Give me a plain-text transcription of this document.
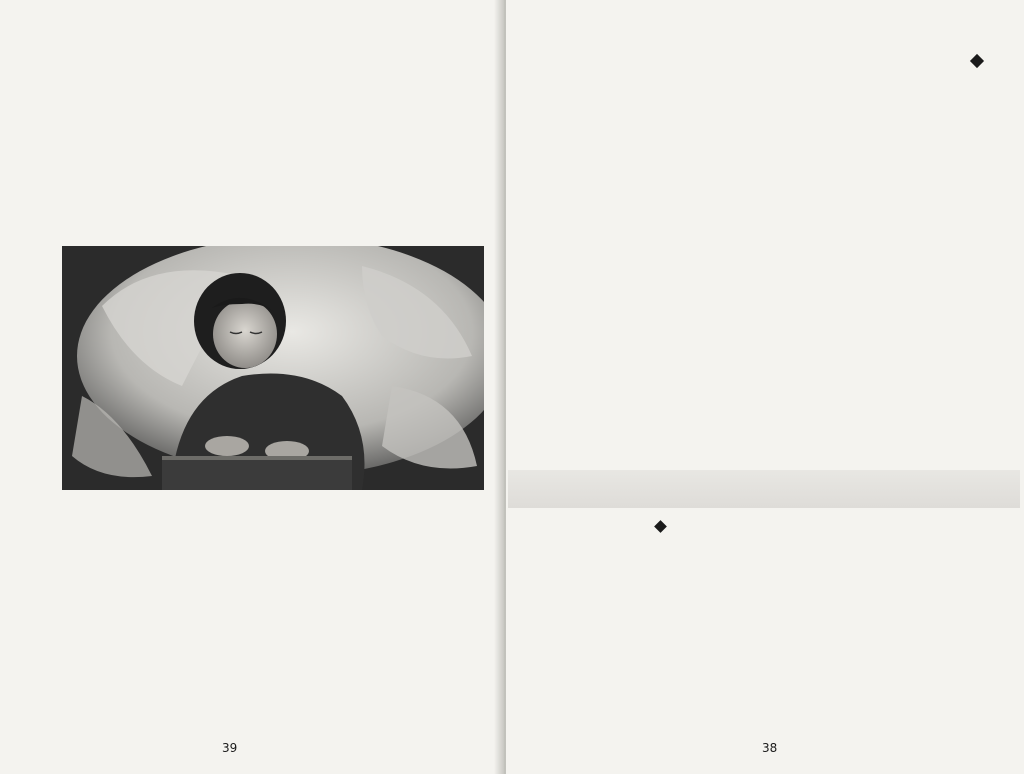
39	38
